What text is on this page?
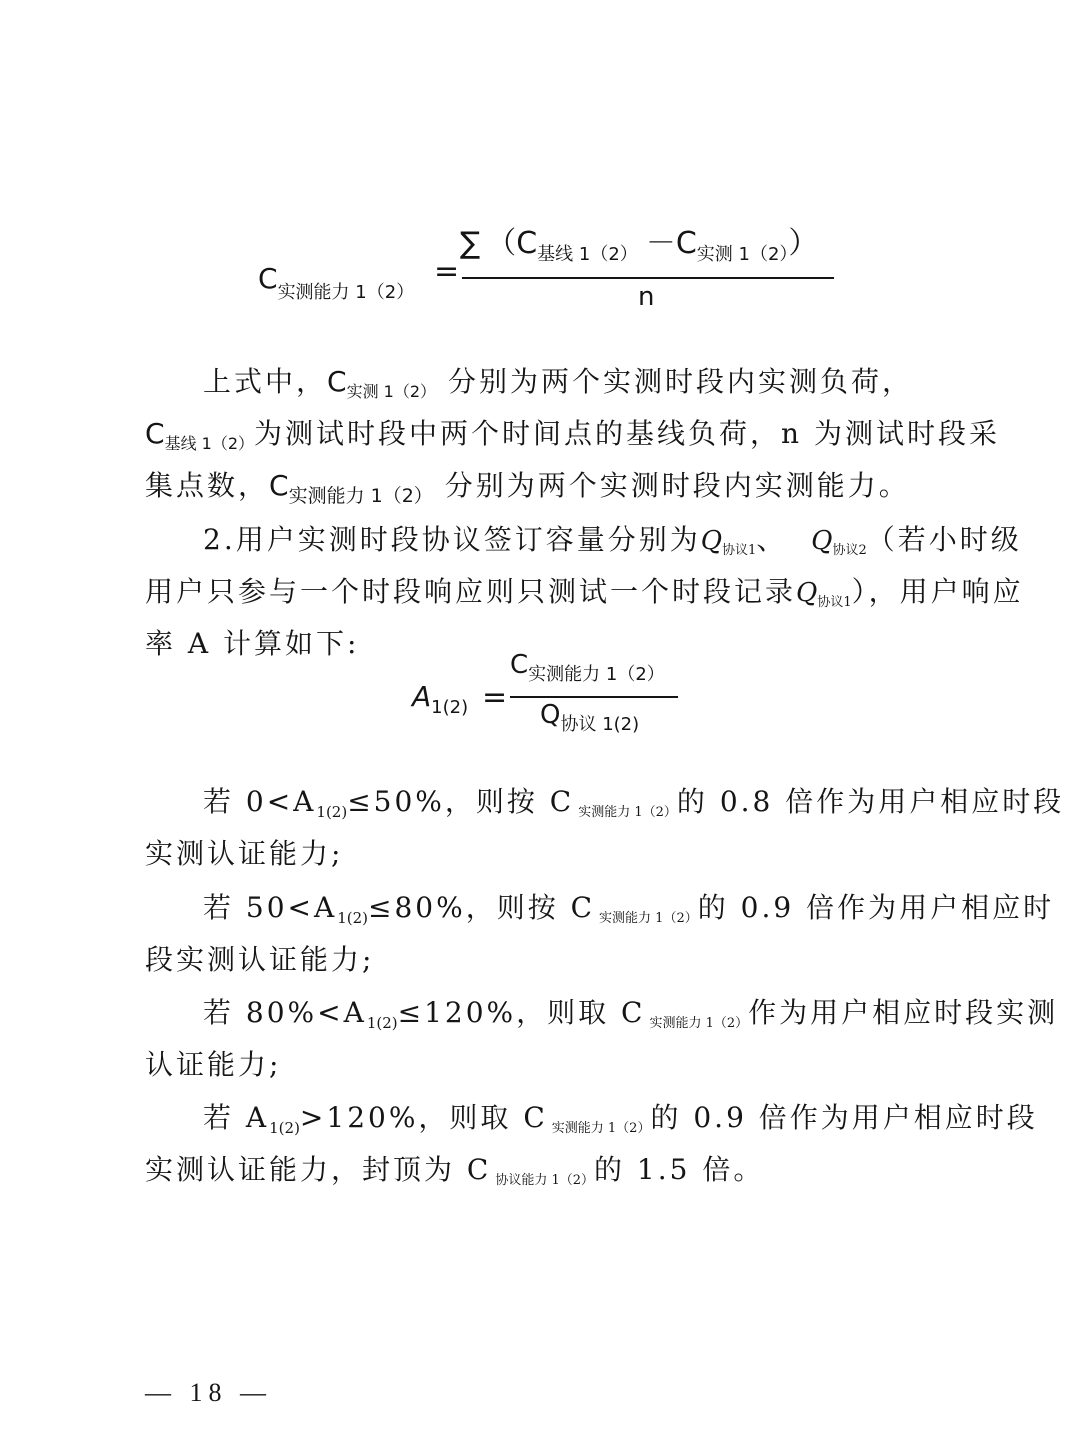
$C_{实测能力 1(2)}$
=
∑ $(C_{基线 1(2)} -C_{实测 1(2)})$
n
上式中，$C_{实测 1(2)}$ 分别为两个实测时段内实测负荷，
$C_{基线 1(2)}$为测试时段中两个时间点的基线负荷，n 为测试时段采
集点数，$C_{实测能力 1(2)}$ 分别为两个实测时段内实测能力。
2.用户实测时段协议签订容量分别为$Q_{协议1}$、 $Q_{协议2}$（若小时级
用户只参与一个时段响应则只测试一个时段记录$Q_{协议1}$），用户响应
率 A 计算如下:
$A_{1(2)}$ =
$C_{实测能力 1(2)}$
$Q_{协议 1(2)}$
若 $0<A_{1(2)}\le 50\%$，则按 C $_{实测能力 1(2)}$的 0.8 倍作为用户相应时段
实测认证能力;
若 $50<A_{1(2)}\le 80\%$，则按 C $_{实测能力 1(2)}$的 0.9 倍作为用户相应时
段实测认证能力;
若 $80\%<A_{1(2)}\le 120\%$，则取 C $_{实测能力 1(2)}$作为用户相应时段实测
认证能力;
若 $A_{1(2)}>120\%$，则取 C $_{实测能力 1(2)}$的 0.9 倍作为用户相应时段
实测认证能力，封顶为 C $_{协议能力 1(2)}$的 1.5 倍。
— 18 —
